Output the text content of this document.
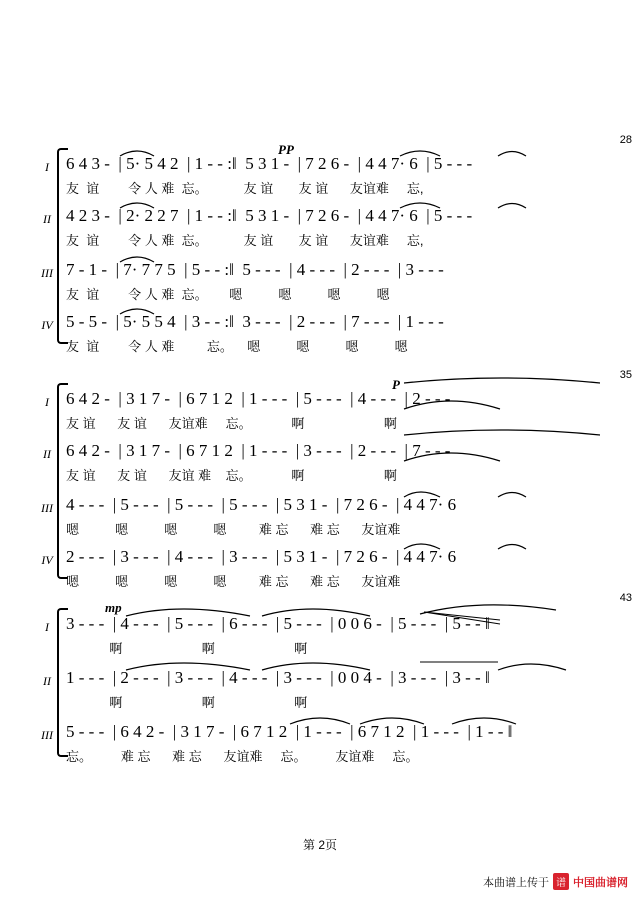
28
PP
I 6 4 3 -  | 5· 5 4 2  | 1 - - :‖  5 3 1 -  | 7 2 6 -  | 4 4 7· 6  | 5 - - -
友  谊        令 人 难  忘。          友 谊       友 谊      友谊难     忘,
II 4 2 3 -  | 2· 2 2 7  | 1 - - :‖  5 3 1 -  | 7 2 6 -  | 4 4 7· 6  | 5 - - -
友  谊        令 人 难  忘。          友 谊       友 谊      友谊难     忘,
III 7 - 1 -  | 7· 7 7 5  | 5 - - :‖  5 - - -  | 4 - - -  | 2 - - -  | 3 - - -
友  谊        令 人 难  忘。      嗯          嗯          嗯          嗯
IV 5 - 5 -  | 5· 5 5 4  | 3 - - :‖  3 - - -  | 2 - - -  | 7 - - -  | 1 - - -
友  谊        令 人 难         忘。    嗯          嗯          嗯          嗯
35
P
I 6 4 2 -  | 3 1 7 -  | 6 7 1 2  | 1 - - -  | 5 - - -  | 4 - - -  | 2 - - -
友 谊      友 谊      友谊难     忘。           啊                      啊
II 6 4 2 -  | 3 1 7 -  | 6 7 1 2  | 1 - - -  | 3 - - -  | 2 - - -  | 7 - - -
友 谊      友 谊      友谊 难    忘。           啊                      啊
III 4 - - -  | 5 - - -  | 5 - - -  | 5 - - -  | 5 3 1 -  | 7 2 6 -  | 4 4 7· 6
嗯          嗯          嗯          嗯         难 忘      难 忘      友谊难
IV 2 - - -  | 3 - - -  | 4 - - -  | 3 - - -  | 5 3 1 -  | 7 2 6 -  | 4 4 7· 6
嗯          嗯          嗯          嗯         难 忘      难 忘      友谊难
43
mp
I 3 - - -  | 4 - - -  | 5 - - -  | 6 - - -  | 5 - - -  | 0 0 6 -  | 5 - - -  | 5 - - ‖
啊                      啊                      啊
II 1 - - -  | 2 - - -  | 3 - - -  | 4 - - -  | 3 - - -  | 0 0 4 -  | 3 - - -  | 3 - - ‖
啊                      啊                      啊
III 5 - - -  | 6 4 2 -  | 3 1 7 -  | 6 7 1 2  | 1 - - -  | 6 7 1 2  | 1 - - -  | 1 - - ‖
忘。        难 忘      难 忘      友谊难     忘。        友谊难     忘。
第 2页
本曲谱上传于 谱 中国曲谱网
